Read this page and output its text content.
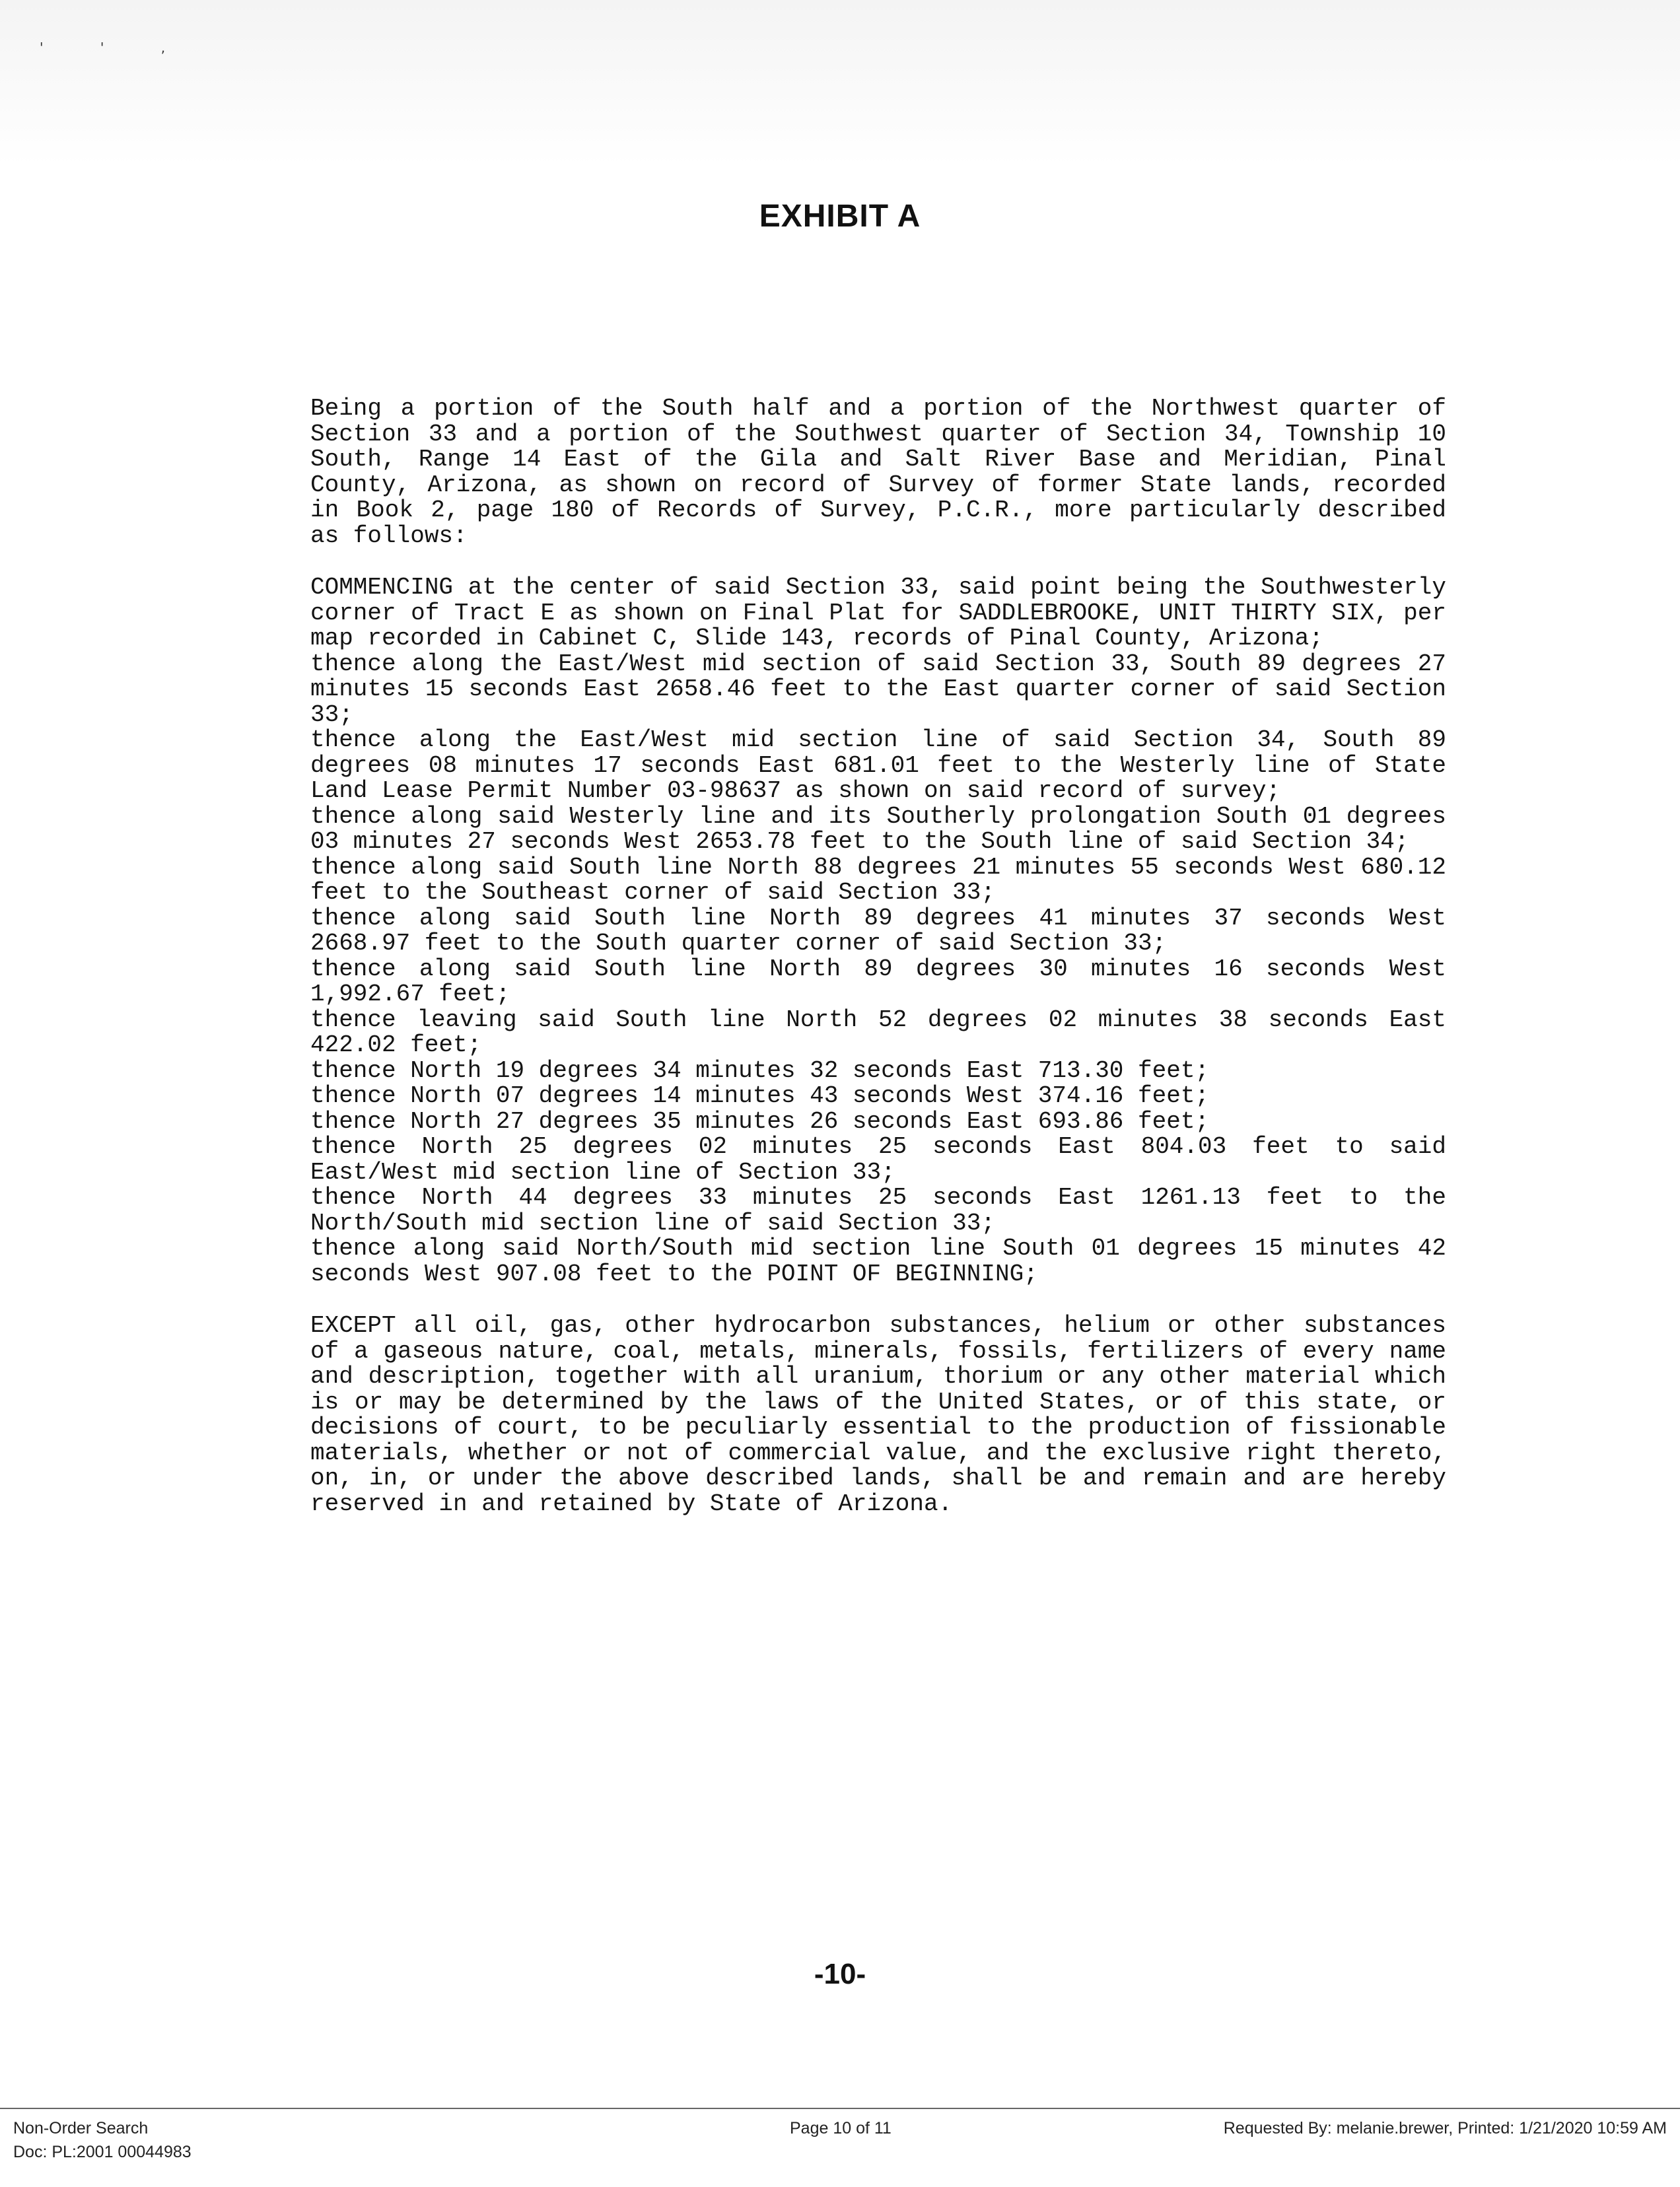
' ' ,
EXHIBIT A

Being a portion of the South half and a portion of the Northwest quarter of Section 33 and a portion of the Southwest quarter of Section 34, Township 10 South, Range 14 East of the Gila and Salt River Base and Meridian, Pinal County, Arizona, as shown on record of Survey of former State lands, recorded in Book 2, page 180 of Records of Survey, P.C.R., more particularly described as follows:

COMMENCING at the center of said Section 33, said point being the Southwesterly corner of Tract E as shown on Final Plat for SADDLEBROOKE, UNIT THIRTY SIX, per map recorded in Cabinet C, Slide 143, records of Pinal County, Arizona;
thence along the East/West mid section of said Section 33, South 89 degrees 27 minutes 15 seconds East 2658.46 feet to the East quarter corner of said Section 33;
thence along the East/West mid section line of said Section 34, South 89 degrees 08 minutes 17 seconds East 681.01 feet to the Westerly line of State Land Lease Permit Number 03-98637 as shown on said record of survey;
thence along said Westerly line and its Southerly prolongation South 01 degrees 03 minutes 27 seconds West 2653.78 feet to the South line of said Section 34;
thence along said South line North 88 degrees 21 minutes 55 seconds West 680.12 feet to the Southeast corner of said Section 33;
thence along said South line North 89 degrees 41 minutes 37 seconds West 2668.97 feet to the South quarter corner of said Section 33;
thence along said South line North 89 degrees 30 minutes 16 seconds West 1,992.67 feet;
thence leaving said South line North 52 degrees 02 minutes 38 seconds East 422.02 feet;
thence North 19 degrees 34 minutes 32 seconds East 713.30 feet;
thence North 07 degrees 14 minutes 43 seconds West 374.16 feet;
thence North 27 degrees 35 minutes 26 seconds East 693.86 feet;
thence North 25 degrees 02 minutes 25 seconds East 804.03 feet to said East/West mid section line of Section 33;
thence North 44 degrees 33 minutes 25 seconds East 1261.13 feet to the North/South mid section line of said Section 33;
thence along said North/South mid section line South 01 degrees 15 minutes 42 seconds West 907.08 feet to the POINT OF BEGINNING;

EXCEPT all oil, gas, other hydrocarbon substances, helium or other substances of a gaseous nature, coal, metals, minerals, fossils, fertilizers of every name and description, together with all uranium, thorium or any other material which is or may be determined by the laws of the United States, or of this state, or decisions of court, to be peculiarly essential to the production of fissionable materials, whether or not of commercial value, and the exclusive right thereto, on, in, or under the above described lands, shall be and remain and are hereby reserved in and retained by State of Arizona.

-10-
Non-Order Search
Doc: PL:2001 00044983
Page 10 of 11	Requested By: melanie.brewer, Printed: 1/21/2020 10:59 AM
